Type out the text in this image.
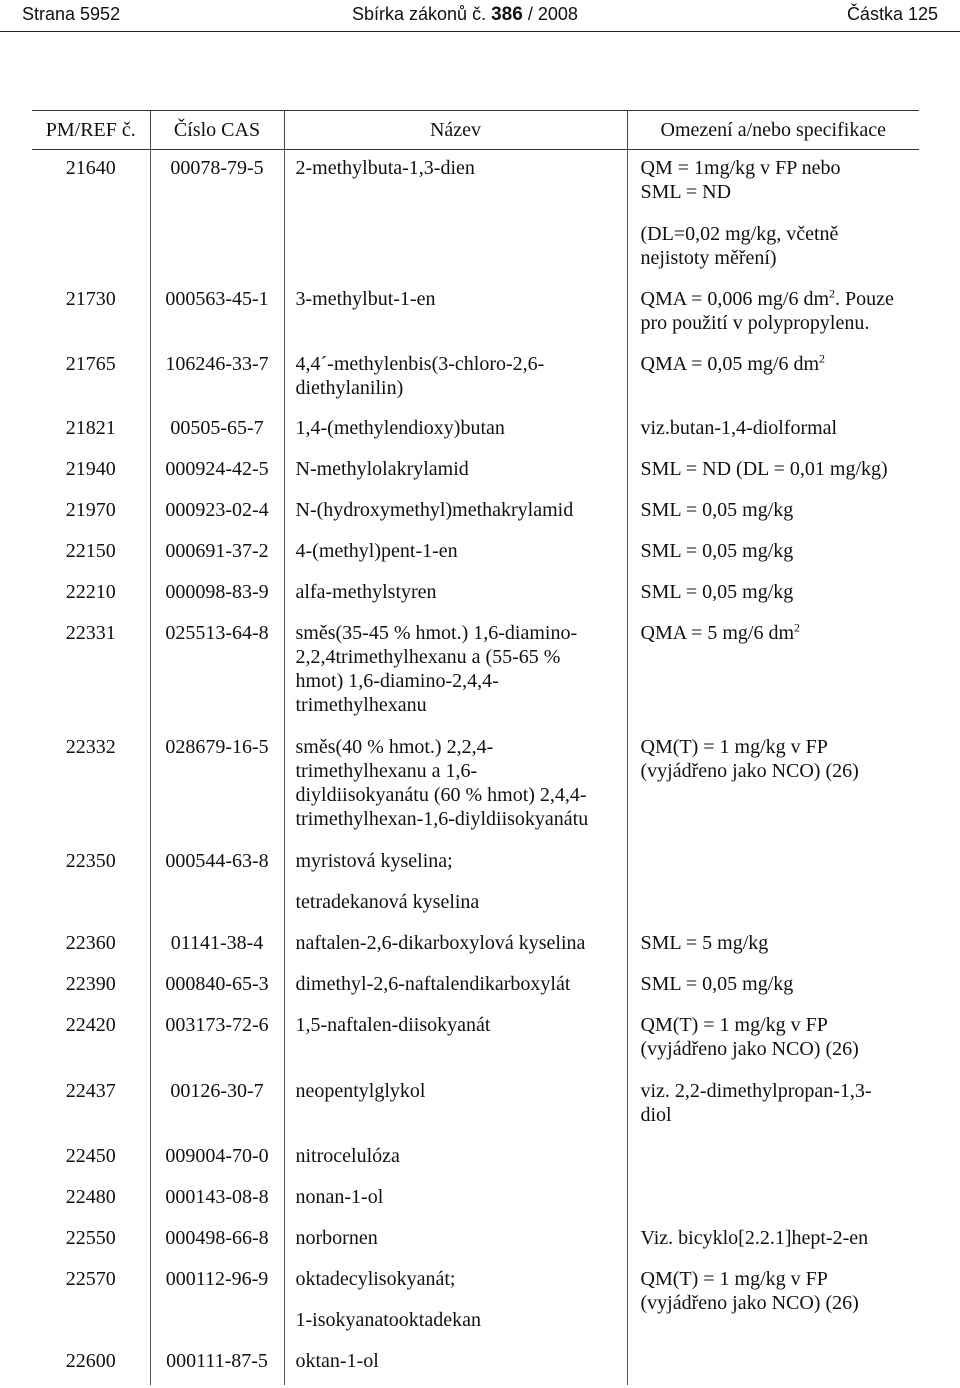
Strana 5952	Sbírka zákonů č. 386 / 2008	Částka 125
PM/REF č.	Číslo CAS	Název	Omezení a/nebo specifikace
21640	00078-79-5	2-methylbuta-1,3-dien	QM = 1mg/kg v FP nebo
SML = ND

(DL=0,02 mg/kg, včetně
nejistoty měření)

21730	000563-45-1	3-methylbut-1-en	QMA = 0,006 mg/6 $dm^2$. Pouze
pro použití v polypropylenu.

21765	106246-33-7	4,4´-methylenbis(3-chloro-2,6-
diethylanilin)	QMA = 0,05 mg/6 $dm^2$

21821	00505-65-7	1,4-(methylendioxy)butan	viz.butan-1,4-diolformal

21940	000924-42-5	N-methylolakrylamid	SML = ND (DL = 0,01 mg/kg)

21970	000923-02-4	N-(hydroxymethyl)methakrylamid	SML = 0,05 mg/kg

22150	000691-37-2	4-(methyl)pent-1-en	SML = 0,05 mg/kg

22210	000098-83-9	alfa-methylstyren	SML = 0,05 mg/kg

22331	025513-64-8	směs(35-45 % hmot.) 1,6-diamino-
2,2,4trimethylhexanu a (55-65 %
hmot) 1,6-diamino-2,4,4-
trimethylhexanu	QMA = 5 mg/6 $dm^2$

22332	028679-16-5	směs(40 % hmot.) 2,2,4-
trimethylhexanu a 1,6-
diyldiisokyanátu (60 % hmot) 2,4,4-
trimethylhexan-1,6-diyldiisokyanátu	QM(T) = 1 mg/kg v FP
(vyjádřeno jako NCO) (26)

22350	000544-63-8	myristová kyselina;

tetradekanová kyselina	

22360	01141-38-4	naftalen-2,6-dikarboxylová kyselina	SML = 5 mg/kg

22390	000840-65-3	dimethyl-2,6-naftalendikarboxylát	SML = 0,05 mg/kg

22420	003173-72-6	1,5-naftalen-diisokyanát	QM(T) = 1 mg/kg v FP
(vyjádřeno jako NCO) (26)

22437	00126-30-7	neopentylglykol	viz. 2,2-dimethylpropan-1,3-
diol

22450	009004-70-0	nitrocelulóza	

22480	000143-08-8	nonan-1-ol	

22550	000498-66-8	norbornen	Viz. bicyklo[2.2.1]hept-2-en

22570	000112-96-9	oktadecylisokyanát;

1-isokyanatooktadekan	QM(T) = 1 mg/kg v FP
(vyjádřeno jako NCO) (26)

22600	000111-87-5	oktan-1-ol	
